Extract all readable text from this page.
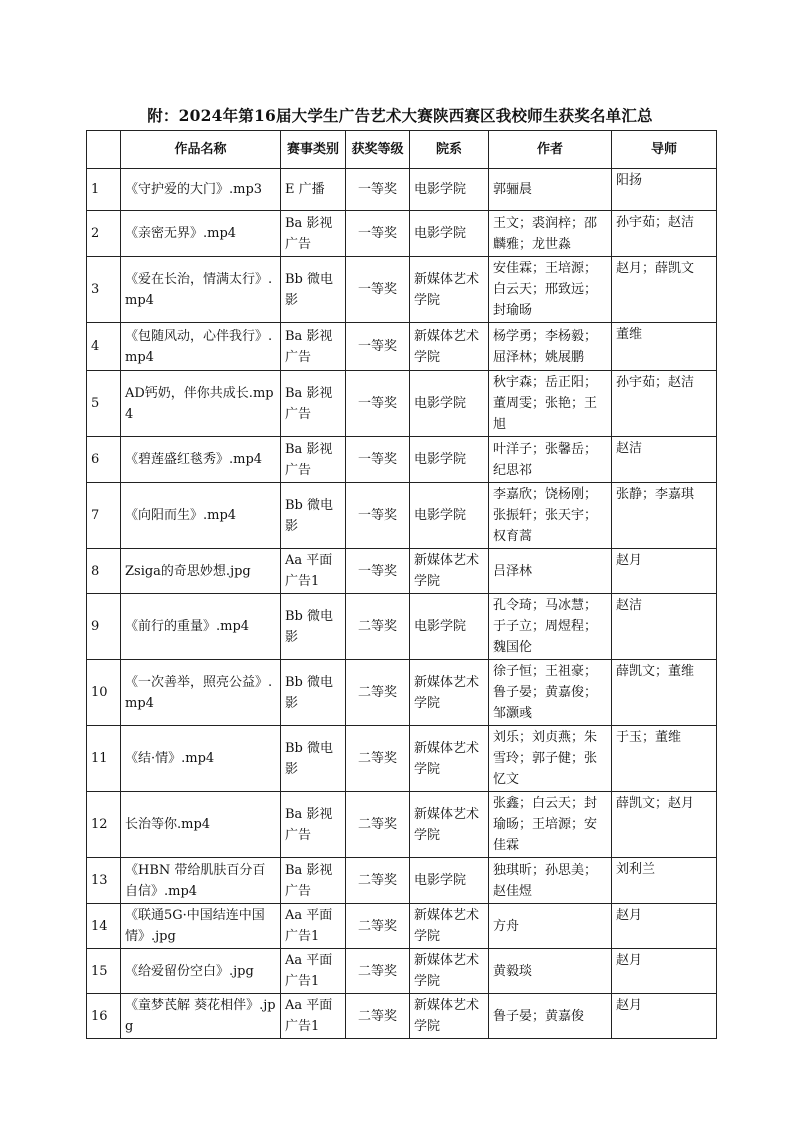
附：2024年第16届大学生广告艺术大赛陕西赛区我校师生获奖名单汇总
	作品名称	赛事类别	获奖等级	院系	作者	导师
1	《守护爱的大门》.mp3	E 广播	一等奖	电影学院	郭骊晨	阳扬
2	《亲密无界》.mp4	Ba 影视广告	一等奖	电影学院	王文；裘润梓；邵麟雅；龙世淼	孙宇茹；赵洁
3	《爱在长治，情满太行》.mp4	Bb 微电影	一等奖	新媒体艺术学院	安佳霖；王培源；白云天；邢致远；封瑜旸	赵月；薛凯文
4	《包随风动，心伴我行》.mp4	Ba 影视广告	一等奖	新媒体艺术学院	杨学勇；李杨毅；屈泽林；姚展鹏	董维
5	AD钙奶，伴你共成长.mp4	Ba 影视广告	一等奖	电影学院	秋宇森；岳正阳；董周雯；张艳；王旭	孙宇茹；赵洁
6	《碧莲盛红毯秀》.mp4	Ba 影视广告	一等奖	电影学院	叶洋子；张馨岳；纪思祁	赵洁
7	《向阳而生》.mp4	Bb 微电影	一等奖	电影学院	李嘉欣；饶杨刚；张振轩；张天宇；权育蒿	张静；李嘉琪
8	Zsiga的奇思妙想.jpg	Aa 平面广告1	一等奖	新媒体艺术学院	吕泽林	赵月
9	《前行的重量》.mp4	Bb 微电影	二等奖	电影学院	孔令琦；马冰慧；于子立；周煜程；魏国伦	赵洁
10	《一次善举，照亮公益》.mp4	Bb 微电影	二等奖	新媒体艺术学院	徐子恒；王祖豪；鲁子晏；黄嘉俊；邹灏彧	薛凯文；董维
11	《结·情》.mp4	Bb 微电影	二等奖	新媒体艺术学院	刘乐；刘贞燕；朱雪玲；郭子健；张忆文	于玉；董维
12	长治等你.mp4	Ba 影视广告	二等奖	新媒体艺术学院	张鑫；白云天；封瑜旸；王培源；安佳霖	薛凯文；赵月
13	《HBN 带给肌肤百分百自信》.mp4	Ba 影视广告	二等奖	电影学院	独琪昕；孙思美；赵佳煜	刘利兰
14	《联通5G·中国结连中国情》.jpg	Aa 平面广告1	二等奖	新媒体艺术学院	方舟	赵月
15	《给爱留份空白》.jpg	Aa 平面广告1	二等奖	新媒体艺术学院	黄毅琰	赵月
16	《童梦芪解 葵花相伴》.jpg	Aa 平面广告1	二等奖	新媒体艺术学院	鲁子晏；黄嘉俊	赵月
